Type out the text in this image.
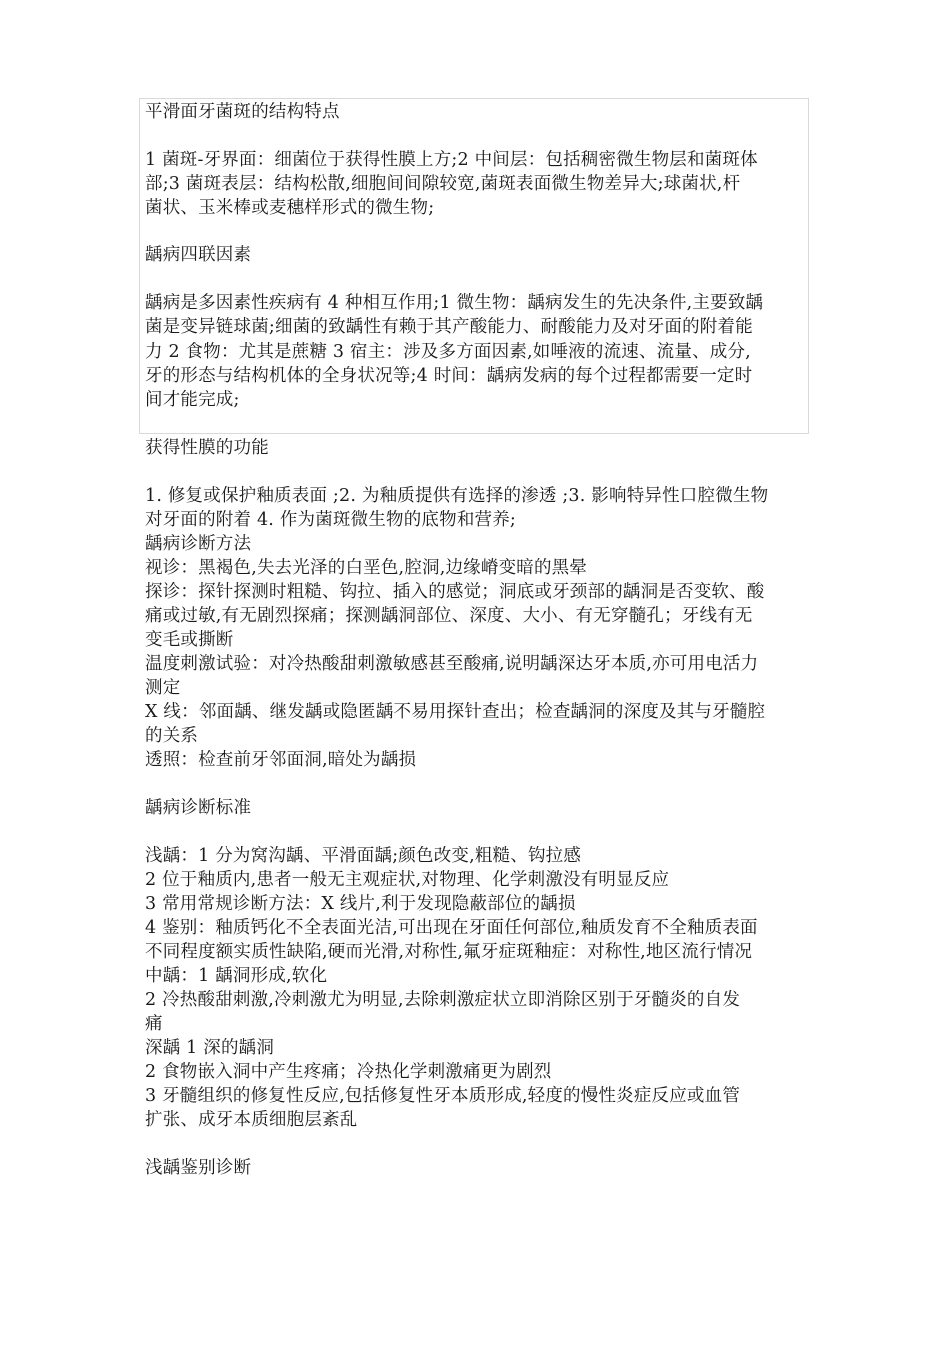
平滑面牙菌斑的结构特点
1 菌斑-牙界面：细菌位于获得性膜上方;2 中间层：包括稠密微生物层和菌斑体
部;3 菌斑表层：结构松散,细胞间间隙较宽,菌斑表面微生物差异大;球菌状,杆
菌状、玉米棒或麦穗样形式的微生物;
龋病四联因素
龋病是多因素性疾病有 4 种相互作用;1 微生物：龋病发生的先决条件,主要致龋
菌是变异链球菌;细菌的致龋性有赖于其产酸能力、耐酸能力及对牙面的附着能
力 2 食物：尤其是蔗糖 3 宿主：涉及多方面因素,如唾液的流速、流量、成分,
牙的形态与结构机体的全身状况等;4 时间：龋病发病的每个过程都需要一定时
间才能完成;
获得性膜的功能
1. 修复或保护釉质表面 ;2. 为釉质提供有选择的渗透 ;3. 影响特异性口腔微生物
对牙面的附着 4. 作为菌斑微生物的底物和营养;
龋病诊断方法
视诊：黑褐色,失去光泽的白垩色,腔洞,边缘嵴变暗的黑晕
探诊：探针探测时粗糙、钩拉、插入的感觉；洞底或牙颈部的龋洞是否变软、酸
痛或过敏,有无剧烈探痛；探测龋洞部位、深度、大小、有无穿髓孔；牙线有无
变毛或撕断
温度刺激试验：对冷热酸甜刺激敏感甚至酸痛,说明龋深达牙本质,亦可用电活力
测定
X 线：邻面龋、继发龋或隐匿龋不易用探针查出；检查龋洞的深度及其与牙髓腔
的关系
透照：检查前牙邻面洞,暗处为龋损
龋病诊断标准
浅龋：1 分为窝沟龋、平滑面龋;颜色改变,粗糙、钩拉感
2 位于釉质内,患者一般无主观症状,对物理、化学刺激没有明显反应
3 常用常规诊断方法：X 线片,利于发现隐蔽部位的龋损
4 鉴别：釉质钙化不全表面光洁,可出现在牙面任何部位,釉质发育不全釉质表面
不同程度额实质性缺陷,硬而光滑,对称性,氟牙症斑釉症：对称性,地区流行情况
中龋：1 龋洞形成,软化
2 冷热酸甜刺激,冷刺激尤为明显,去除刺激症状立即消除区别于牙髓炎的自发
痛
深龋 1 深的龋洞
2 食物嵌入洞中产生疼痛；冷热化学刺激痛更为剧烈
3 牙髓组织的修复性反应,包括修复性牙本质形成,轻度的慢性炎症反应或血管
扩张、成牙本质细胞层紊乱
浅龋鉴别诊断
